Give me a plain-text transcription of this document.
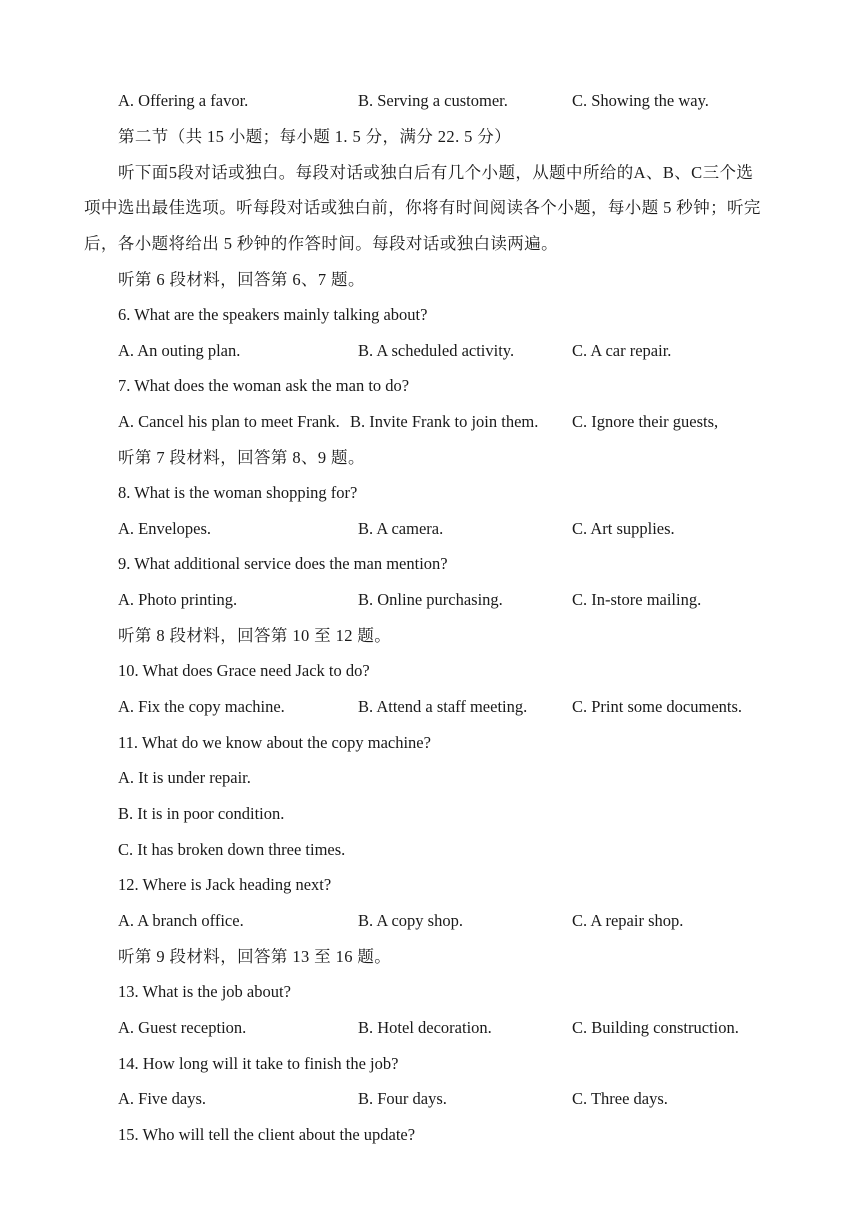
A. Offering a favor.	B. Serving a customer.	C. Showing the way.
第二节（共 15 小题；每小题 1. 5 分，满分 22. 5 分）
听下面5段对话或独白。每段对话或独白后有几个小题，从题中所给的A、B、C三个选
项中选出最佳选项。听每段对话或独白前，你将有时间阅读各个小题，每小题 5 秒钟；听完
后，各小题将给出 5 秒钟的作答时间。每段对话或独白读两遍。
听第 6 段材料，回答第 6、7 题。
6. What are the speakers mainly talking about?
A. An outing plan.	B. A scheduled activity.	C. A car repair.
7. What does the woman ask the man to do?
A. Cancel his plan to meet Frank. B. Invite Frank to join them. C. Ignore their guests,
听第 7 段材料，回答第 8、9 题。
8. What is the woman shopping for?
A. Envelopes.	B. A camera.	C. Art supplies.
9. What additional service does the man mention?
A. Photo printing.	B. Online purchasing.	C. In-store mailing.
听第 8 段材料，回答第 10 至 12 题。
10. What does Grace need Jack to do?
A. Fix the copy machine.	B. Attend a staff meeting.	C. Print some documents.
11. What do we know about the copy machine?
A. It is under repair.
B. It is in poor condition.
C. It has broken down three times.
12. Where is Jack heading next?
A. A branch office.	B. A copy shop.	C. A repair shop.
听第 9 段材料，回答第 13 至 16 题。
13. What is the job about?
A. Guest reception.	B. Hotel decoration.	C. Building construction.
14. How long will it take to finish the job?
A. Five days.	B. Four days.	C. Three days.
15. Who will tell the client about the update?
